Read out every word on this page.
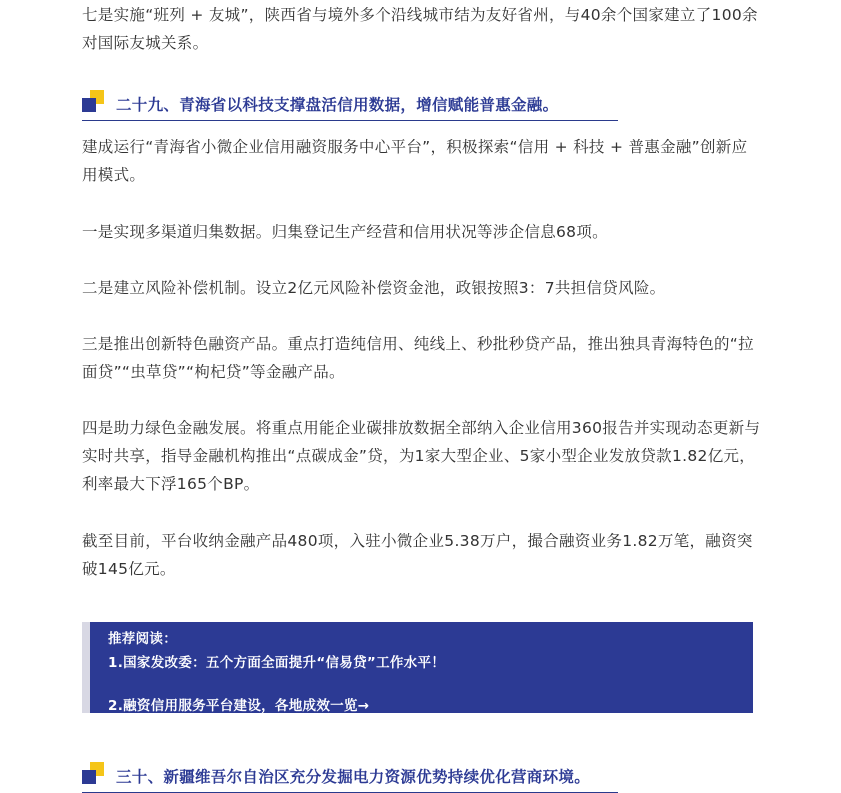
七是实施“班列 + 友城”，陕西省与境外多个沿线城市结为友好省州，与40余个国家建立了100余对国际友城关系。

二十九、青海省以科技支撑盘活信用数据，增信赋能普惠金融。

建成运行“青海省小微企业信用融资服务中心平台”，积极探索“信用 + 科技 + 普惠金融”创新应用模式。

一是实现多渠道归集数据。归集登记生产经营和信用状况等涉企信息68项。

二是建立风险补偿机制。设立2亿元风险补偿资金池，政银按照3：7共担信贷风险。

三是推出创新特色融资产品。重点打造纯信用、纯线上、秒批秒贷产品，推出独具青海特色的“拉面贷”“虫草贷”“枸杞贷”等金融产品。

四是助力绿色金融发展。将重点用能企业碳排放数据全部纳入企业信用360报告并实现动态更新与实时共享，指导金融机构推出“点碳成金”贷，为1家大型企业、5家小型企业发放贷款1.82亿元，利率最大下浮165个BP。

截至目前，平台收纳金融产品480项，入驻小微企业5.38万户，撮合融资业务1.82万笔，融资突破145亿元。

推荐阅读：
1.国家发改委：五个方面全面提升“信易贷”工作水平！
2.融资信用服务平台建设，各地成效一览→
三十、新疆维吾尔自治区充分发掘电力资源优势持续优化营商环境。
